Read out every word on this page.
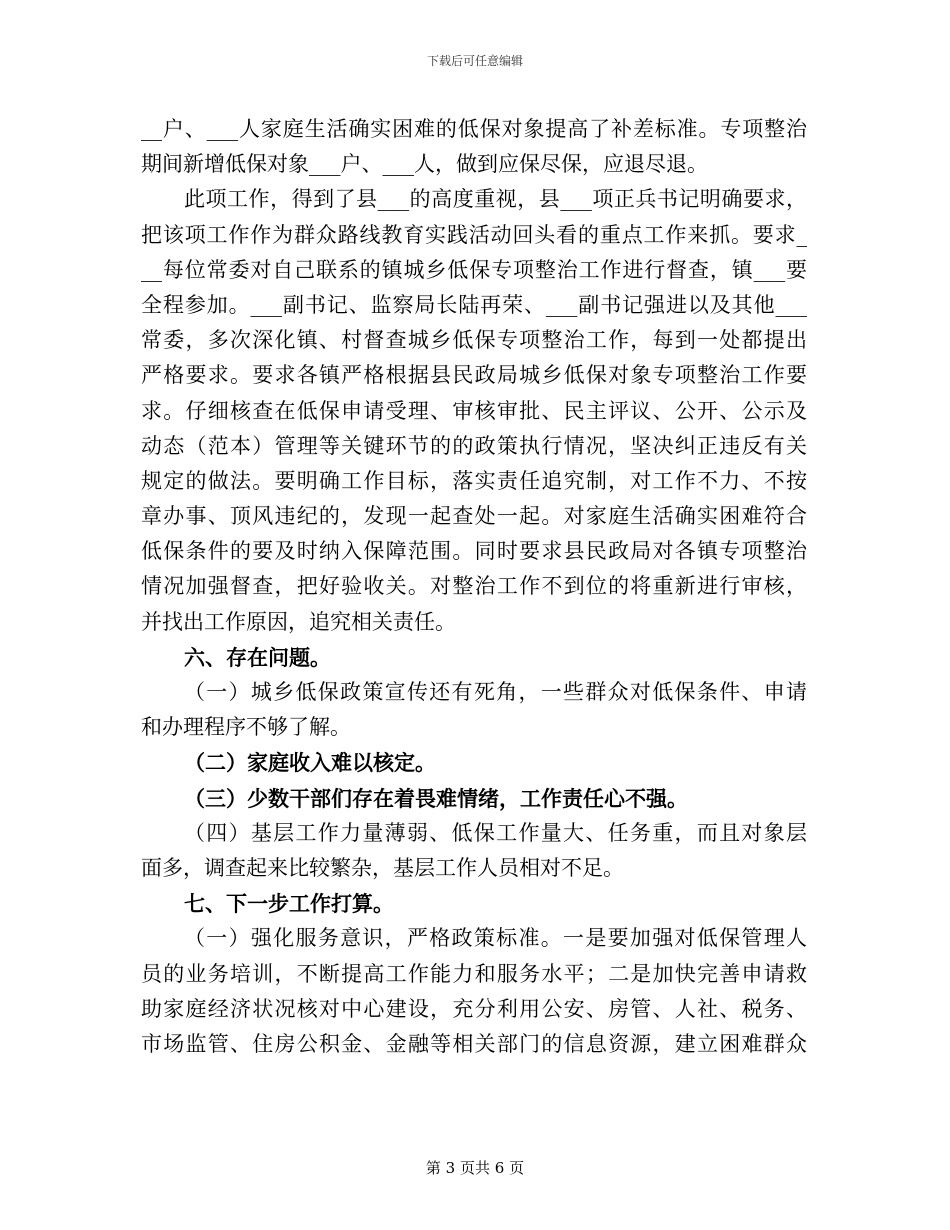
下载后可任意编辑
__户、___人家庭生活确实困难的低保对象提高了补差标准。专项整治
期间新增低保对象___户、___人，做到应保尽保，应退尽退。
此项工作，得到了县___的高度重视，县___项正兵书记明确要求，
把该项工作作为群众路线教育实践活动回头看的重点工作来抓。要求_
__每位常委对自己联系的镇城乡低保专项整治工作进行督查，镇___要
全程参加。___副书记、监察局长陆再荣、___副书记强进以及其他___
常委，多次深化镇、村督查城乡低保专项整治工作，每到一处都提出
严格要求。要求各镇严格根据县民政局城乡低保对象专项整治工作要
求。仔细核查在低保申请受理、审核审批、民主评议、公开、公示及
动态（范本）管理等关键环节的的政策执行情况，坚决纠正违反有关
规定的做法。要明确工作目标，落实责任追究制，对工作不力、不按
章办事、顶风违纪的，发现一起查处一起。对家庭生活确实困难符合
低保条件的要及时纳入保障范围。同时要求县民政局对各镇专项整治
情况加强督查，把好验收关。对整治工作不到位的将重新进行审核，
并找出工作原因，追究相关责任。
六、存在问题。
（一）城乡低保政策宣传还有死角，一些群众对低保条件、申请
和办理程序不够了解。
（二）家庭收入难以核定。
（三）少数干部们存在着畏难情绪，工作责任心不强。
（四）基层工作力量薄弱、低保工作量大、任务重，而且对象层
面多，调查起来比较繁杂，基层工作人员相对不足。
七、下一步工作打算。
（一）强化服务意识，严格政策标准。一是要加强对低保管理人
员的业务培训，不断提高工作能力和服务水平；二是加快完善申请救
助家庭经济状况核对中心建设，充分利用公安、房管、人社、税务、
市场监管、住房公积金、金融等相关部门的信息资源，建立困难群众
第 3 页共 6 页
